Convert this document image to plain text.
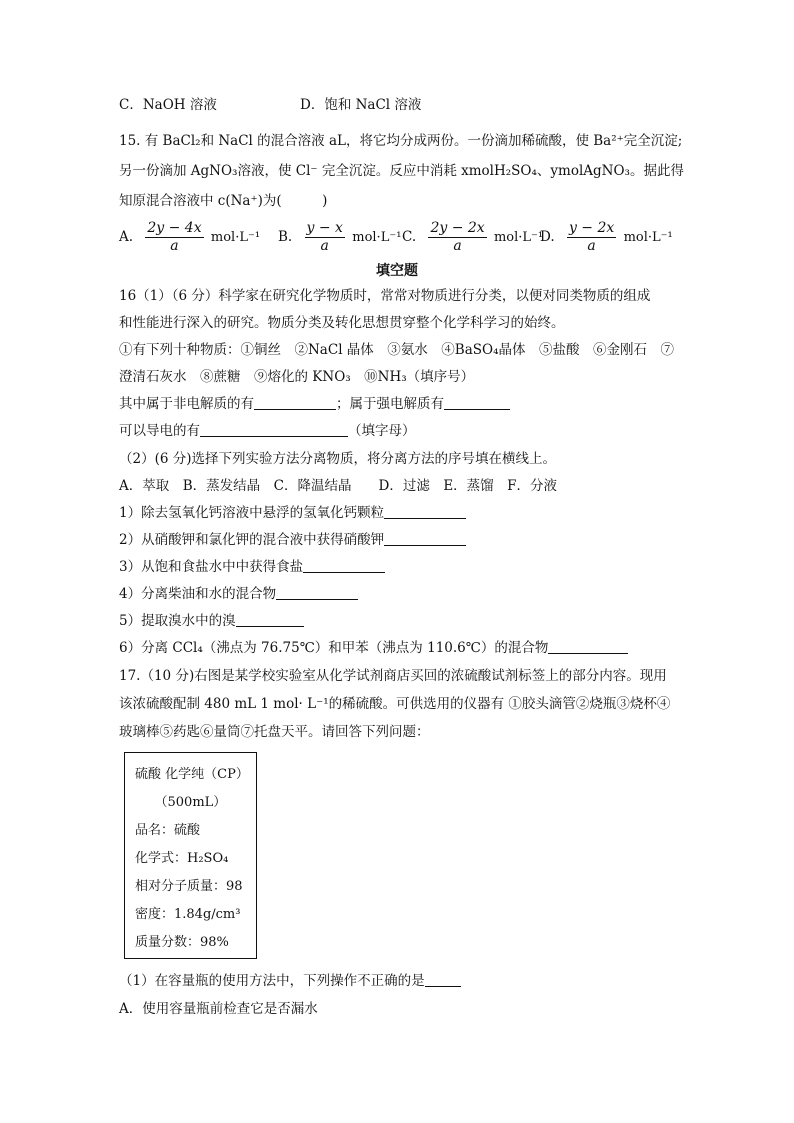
C．NaOH 溶液	D．饱和 NaCl 溶液
15. 有 BaCl₂和 NaCl 的混合溶液 aL，将它均分成两份。一份滴加稀硫酸，使 Ba²⁺完全沉淀;
另一份滴加 AgNO₃溶液，使 Cl⁻ 完全沉淀。反应中消耗 xmolH₂SO₄、ymolAgNO₃。据此得
知原混合溶液中 c(Na⁺)为(　　　)
A. $\frac{2y - 4x}{a} mol\cdot L^{-1}$ B. $\frac{y - x}{a} mol\cdot L^{-1}$ C. $\frac{2y - 2x}{a} mol\cdot L^{-1}$
D. $\frac{y - 2x}{a} mol\cdot L^{-1}$
填空题
16（1）（6 分）科学家在研究化学物质时，常常对物质进行分类，以便对同类物质的组成
和性能进行深入的研究。物质分类及转化思想贯穿整个化学科学习的始终。
①有下列十种物质：①铜丝　②NaCl 晶体　③氨水　④BaSO₄晶体　⑤盐酸　⑥金刚石　⑦
澄清石灰水　⑧蔗糖　⑨熔化的 KNO₃　⑩NH₃（填序号）
其中属于非电解质的有	；属于强电解质有
可以导电的有	（填字母）
（2）(6 分)选择下列实验方法分离物质，将分离方法的序号填在横线上。
A．萃取　B．蒸发结晶　C．降温结晶　　D．过滤　E．蒸馏　F．分液
1）除去氢氧化钙溶液中悬浮的氢氧化钙颗粒
2）从硝酸钾和氯化钾的混合液中获得硝酸钾
3）从饱和食盐水中中获得食盐
4）分离柴油和水的混合物
5）提取溴水中的溴
6）分离 CCl₄（沸点为 76.75℃）和甲苯（沸点为 110.6℃）的混合物
17.（10 分)右图是某学校实验室从化学试剂商店买回的浓硫酸试剂标签上的部分内容。现用
该浓硫酸配制 480 mL 1 mol· L⁻¹的稀硫酸。可供选用的仪器有 ①胶头滴管②烧瓶③烧杯④
玻璃棒⑤药匙⑥量筒⑦托盘天平。请回答下列问题：
硫酸 化学纯（CP）
　　（500mL）
品名：硫酸
化学式：H₂SO₄
相对分子质量：98
密度：1.84g/cm³
质量分数：98%
（1）在容量瓶的使用方法中，下列操作不正确的是
A．使用容量瓶前检查它是否漏水
